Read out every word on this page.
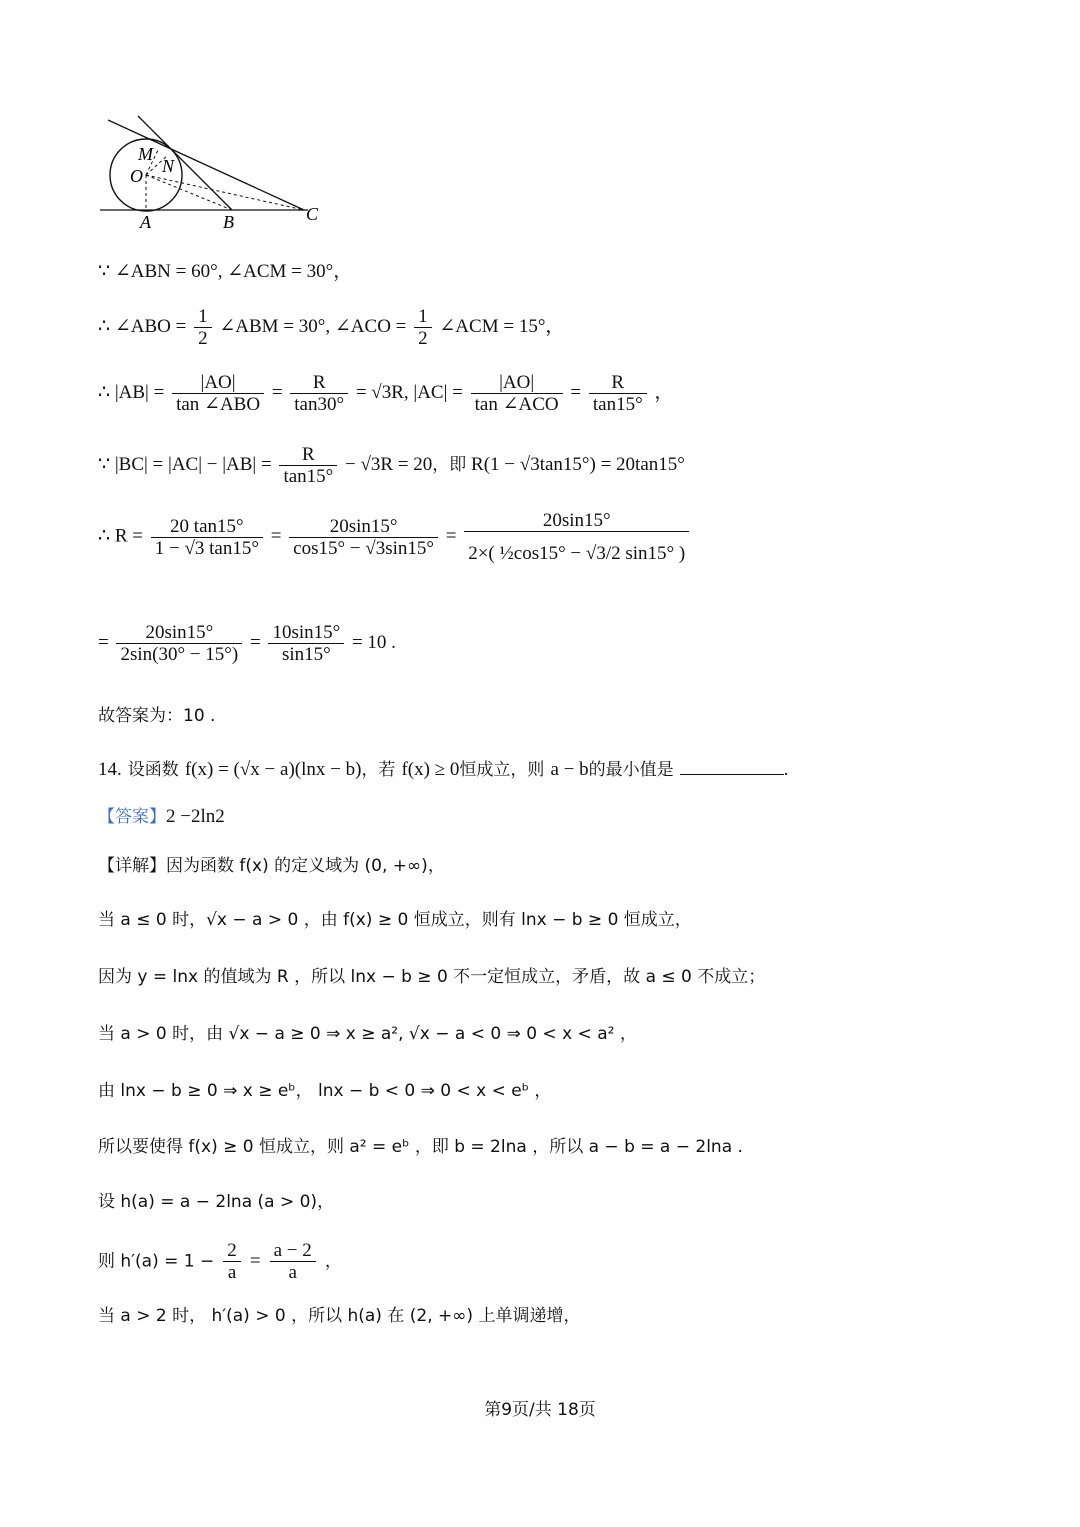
M
N
O
A	B	C
∵ ∠ABN = 60°, ∠ACM = 30°，
∴ ∠ABO = $\frac{1}{2}$ ∠ABM = 30°, ∠ACO = $\frac{1}{2}$ ∠ACM = 15°，
∴ $|AB| = \frac{|AO|}{\text{tan ∠ABO}} = \frac{R}{\tan 30^\circ} = √3R$, $|AC| = \frac{|AO|}{\text{tan ∠ACO}} = \frac{R}{\tan 15^\circ}$ ，
∵ $|BC| = |AC| - |AB| = \frac{R}{\tan 15^\circ} - √3R = 20$，即 R(1 − √3tan15°) = 20tan15°
∴ $R = \frac{20 \tan 15^\circ}{1 - √3 \tan 15^\circ} = \frac{20\sin 15^\circ}{\cos 15^\circ - √3\sin 15^\circ} = \frac{20\sin 15^\circ}{\text{2×( ½cos15° − √3/2 sin15° )}}$
= $\frac{20\sin 15^\circ}{2\sin(30^\circ - 15^\circ)} = \frac{10\sin 15^\circ}{\sin 15^\circ} = 10$ .
故答案为：10 .
14. 设函数 f(x) = (√x − a)(lnx − b)，若 f(x) ≥ 0恒成立，则 a − b的最小值是	.
【答案】2 −2ln2
【详解】因为函数 f(x) 的定义域为 (0, +∞)，
当 a ≤ 0 时，√x − a > 0 ，由 f(x) ≥ 0 恒成立，则有 lnx − b ≥ 0 恒成立，
因为 y = lnx 的值域为 R ，所以 lnx − b ≥ 0 不一定恒成立，矛盾，故 a ≤ 0 不成立；
当 a > 0 时，由 √x − a ≥ 0 ⇒ x ≥ a², √x − a < 0 ⇒ 0 < x < a² ，
由 lnx − b ≥ 0 ⇒ x ≥ eᵇ， lnx − b < 0 ⇒ 0 < x < eᵇ ，
所以要使得 f(x) ≥ 0 恒成立，则 a² = eᵇ ，即 b = 2lna ，所以 a − b = a − 2lna .
设 h(a) = a − 2lna (a > 0)，
则 $h'(a) = 1 - \frac{2}{a} = \frac{a - 2}{a}$ ，
当 a > 2 时， h′(a) > 0 ，所以 h(a) 在 (2, +∞) 上单调递增，
第9页/共 18页
